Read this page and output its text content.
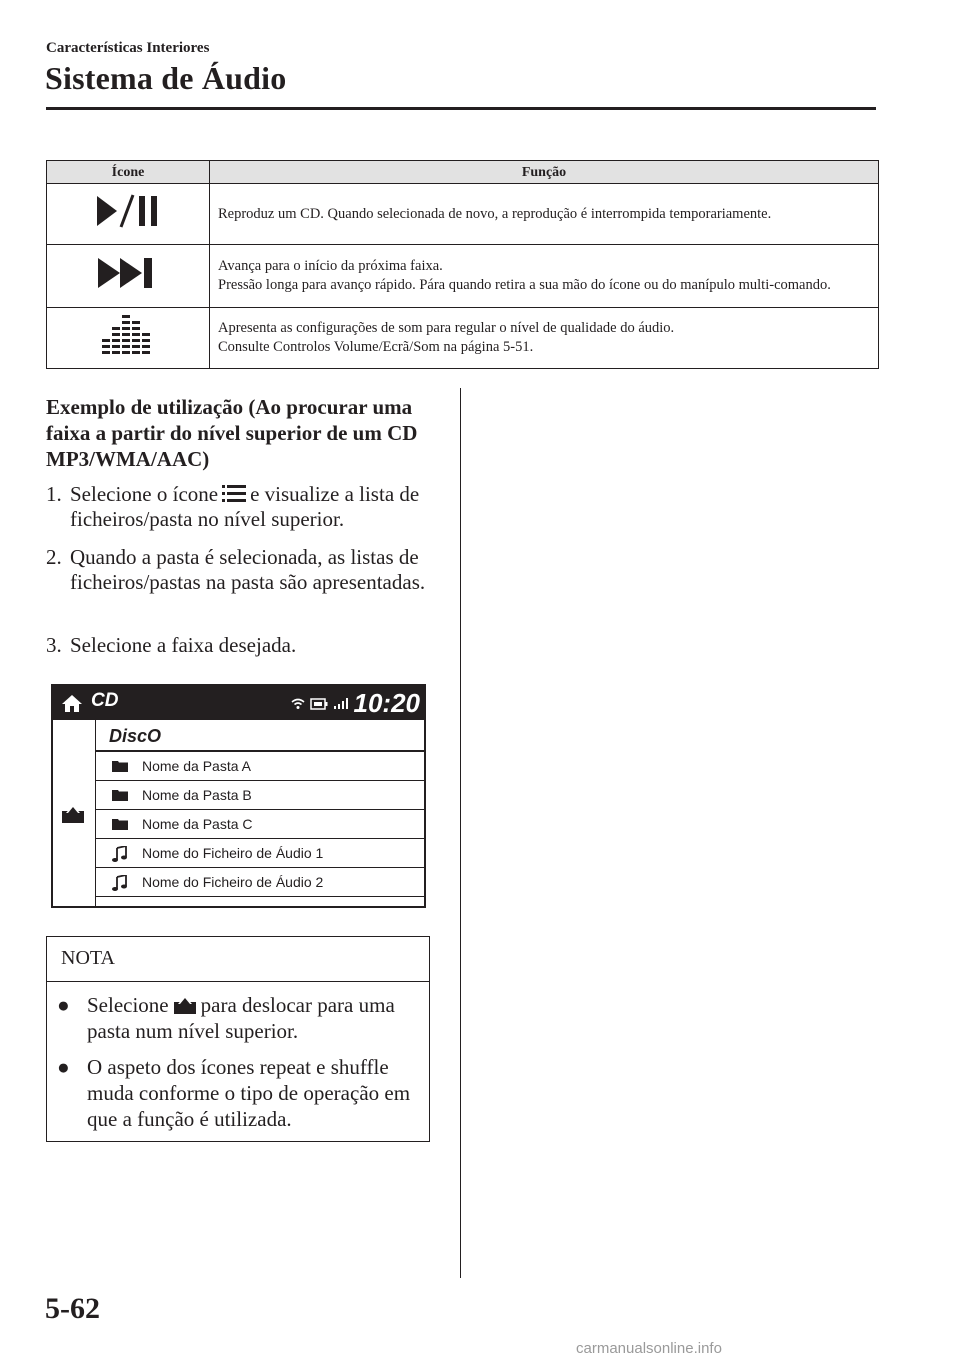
Características Interiores
Sistema de Áudio
Ícone	Função
	Reproduz um CD. Quando selecionada de novo, a reprodução é interrompida temporariamente.

Avança para o início da próxima faixa.
Pressão longa para avanço rápido. Pára quando retira a sua mão do ícone ou do manípulo multi-comando.

Apresenta as configurações de som para regular o nível de qualidade do áudio.
Consulte Controlos Volume/Ecrã/Som na página 5-51.
Exemplo de utilização (Ao procurar uma faixa a partir do nível superior de um CD MP3/WMA/AAC)
1. Selecione o ícone e visualize a lista de ficheiros/pasta no nível superior.
2. Quando a pasta é selecionada, as listas de ficheiros/pastas na pasta são apresentadas.
3. Selecione a faixa desejada.
CD	10:20
DiscO
Nome da Pasta A
Nome da Pasta B
Nome da Pasta C
Nome do Ficheiro de Áudio 1
Nome do Ficheiro de Áudio 2
NOTA
● Selecione para deslocar para uma pasta num nível superior.
● O aspeto dos ícones repeat e shuffle muda conforme o tipo de operação em que a função é utilizada.
5-62
carmanualsonline.info
